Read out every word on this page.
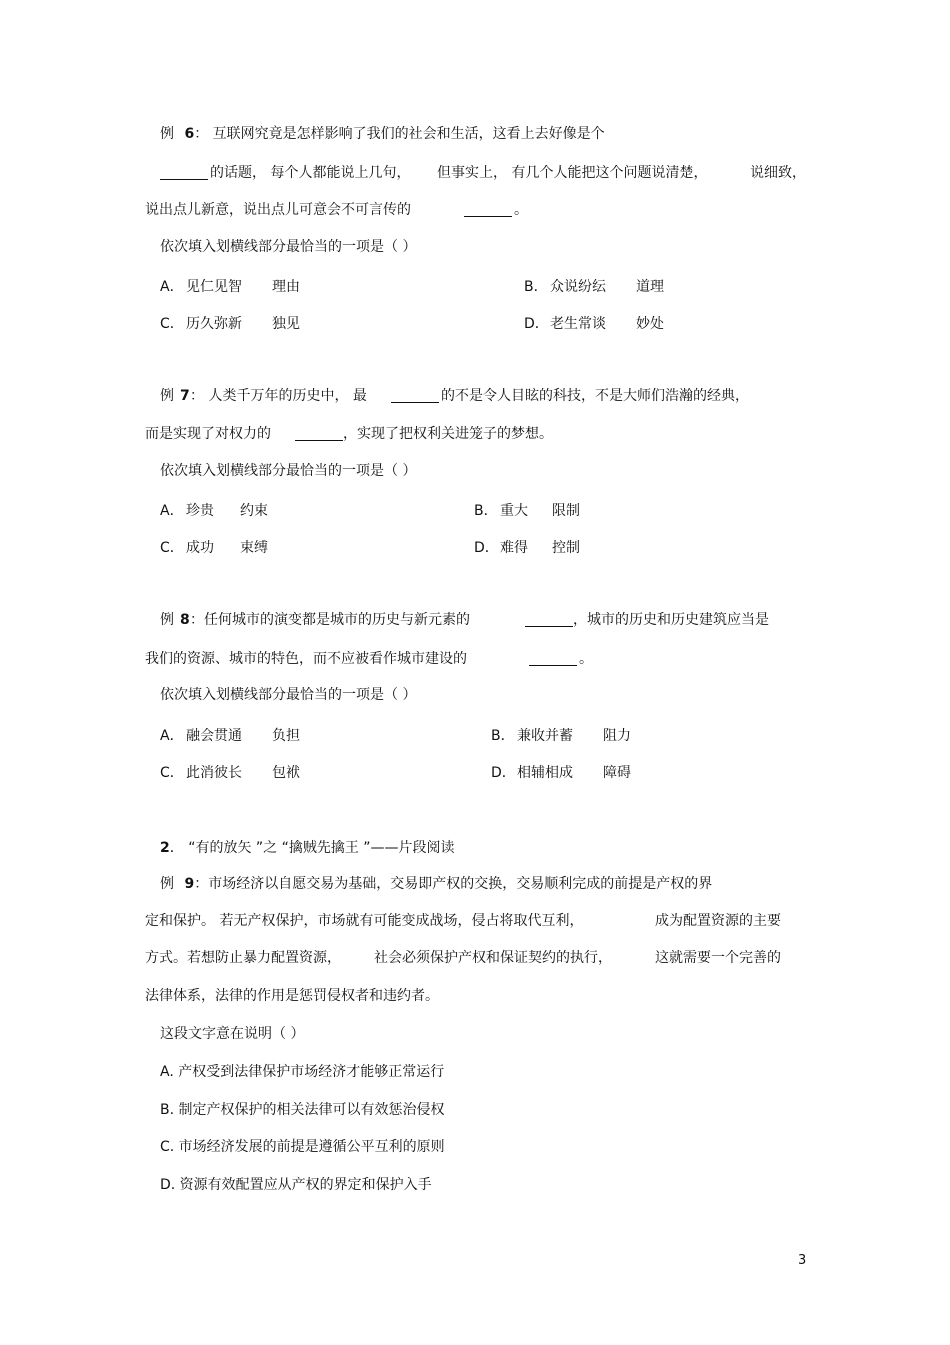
例 6： 互联网究竟是怎样影响了我们的社会和生活，这看上去好像是个
的话题， 每个人都能说上几句， 但事实上， 有几个人能把这个问题说清楚，	说细致，
说出点儿新意，说出点儿可意会不可言传的	。
依次填入划横线部分最恰当的一项是（ ）
A． 见仁见智 理由	B． 众说纷纭 道理
C． 历久弥新 独见	D． 老生常谈 妙处
例 7 ： 人类千万年的历史中， 最	的不是令人目眩的科技，不是大师们浩瀚的经典，
而是实现了对权力的	，实现了把权利关进笼子的梦想。
依次填入划横线部分最恰当的一项是（ ）
A． 珍贵 约束	B． 重大 限制
C． 成功 束缚	D． 难得 控制
例 8 ：任何城市的演变都是城市的历史与新元素的	，城市的历史和历史建筑应当是
我们的资源、城市的特色，而不应被看作城市建设的	。
依次填入划横线部分最恰当的一项是（ ）
A． 融会贯通 负担	B． 兼收并蓄 阻力
C． 此消彼长 包袱	D． 相辅相成 障碍
2． “有的放矢 ”之 “擒贼先擒王 ”——片段阅读
例 9：市场经济以自愿交易为基础，交易即产权的交换，交易顺利完成的前提是产权的界
定和保护。 若无产权保护，市场就有可能变成战场，侵占将取代互利，	成为配置资源的主要
方式。若想防止暴力配置资源， 社会必须保护产权和保证契约的执行，	这就需要一个完善的
法律体系，法律的作用是惩罚侵权者和违约者。
这段文字意在说明（ ）
A. 产权受到法律保护市场经济才能够正常运行
B. 制定产权保护的相关法律可以有效惩治侵权
C. 市场经济发展的前提是遵循公平互利的原则
D. 资源有效配置应从产权的界定和保护入手
3
